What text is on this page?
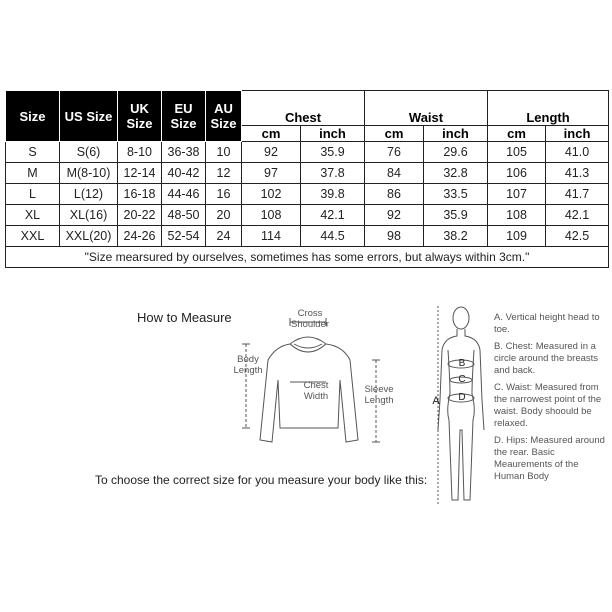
Size	US Size	UK Size	EU Size	AU Size	Chest		Waist		Length	
					cm	inch	cm	inch	cm	inch
S	S(6)	8-10	36-38	10	92	35.9	76	29.6	105	41.0
M	M(8-10)	12-14	40-42	12	97	37.8	84	32.8	106	41.3
L	L(12)	16-18	44-46	16	102	39.8	86	33.5	107	41.7
XL	XL(16)	20-22	48-50	20	108	42.1	92	35.9	108	42.1
XXL	XXL(20)	24-26	52-54	24	114	44.5	98	38.2	109	42.5
"Size mearsured by ourselves, sometimes has some errors, but always within 3cm."										
How to Measure	Cross Shoulder
Body Length
Chest Width
Sleeve Length	A
B
C
D
A. Vertical height head to toe.
B. Chest: Measured in a circle around the breasts and back.
C. Waist: Measured from the narrowest point of the waist. Body shoould be relaxed.
D. Hips: Measured around the rear. Basic Meaurements of the Human Body
To choose the correct size for you measure your body like this:
